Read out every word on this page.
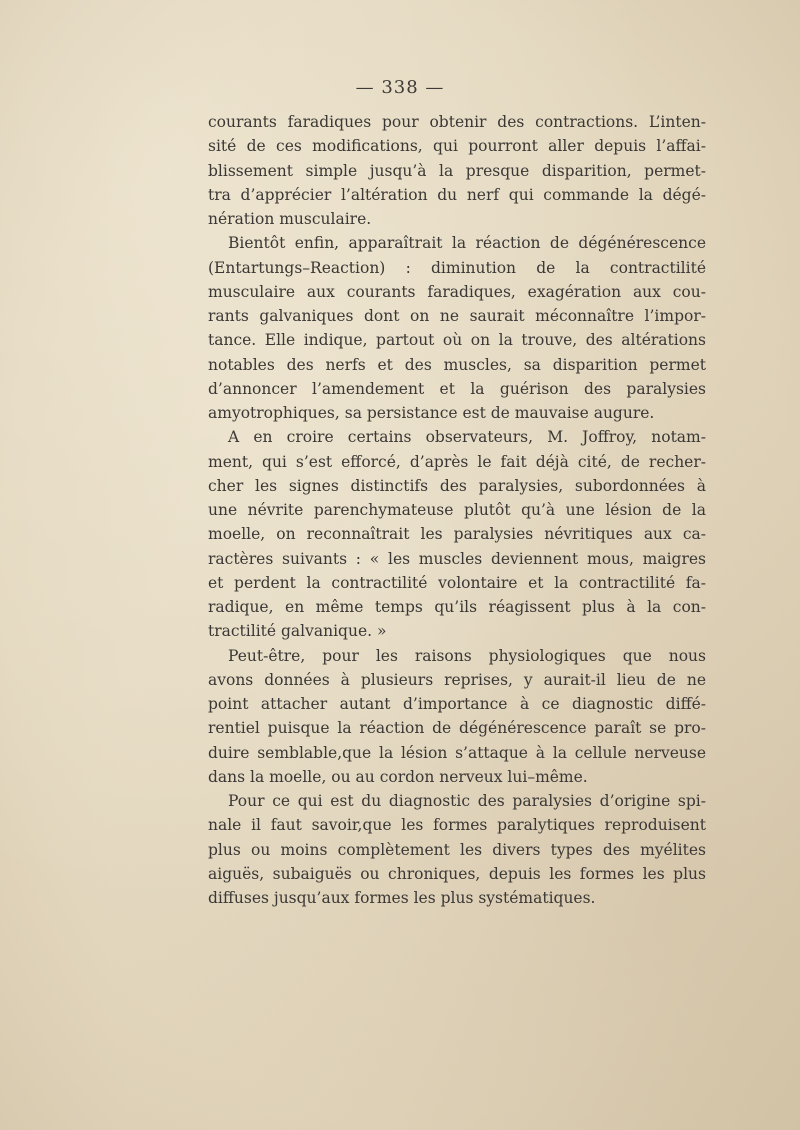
— 338 —
courants faradiques pour obtenir des contractions. L’inten-
sité de ces modifications, qui pourront aller depuis l’affai-
blissement simple jusqu’à la presque disparition, permet-
tra d’apprécier l’altération du nerf qui commande la dégé-
nération musculaire.
Bientôt enfin, apparaîtrait la réaction de dégénérescence
(Entartungs–Reaction) : diminution de la contractilité
musculaire aux courants faradiques, exagération aux cou-
rants galvaniques dont on ne saurait méconnaître l’impor-
tance. Elle indique, partout où on la trouve, des altérations
notables des nerfs et des muscles, sa disparition permet
d’annoncer l’amendement et la guérison des paralysies
amyotrophiques, sa persistance est de mauvaise augure.
A en croire certains observateurs, M. Joffroy, notam-
ment, qui s’est efforcé, d’après le fait déjà cité, de recher-
cher les signes distinctifs des paralysies, subordonnées à
une névrite parenchymateuse plutôt qu’à une lésion de la
moelle, on reconnaîtrait les paralysies névritiques aux ca-
ractères suivants : « les muscles deviennent mous, maigres
et perdent la contractilité volontaire et la contractilité fa-
radique, en même temps qu’ils réagissent plus à la con-
tractilité galvanique. »
Peut-être, pour les raisons physiologiques que nous
avons données à plusieurs reprises, y aurait-il lieu de ne
point attacher autant d’importance à ce diagnostic diffé-
rentiel puisque la réaction de dégénérescence paraît se pro-
duire semblable,que la lésion s’attaque à la cellule nerveuse
dans la moelle, ou au cordon nerveux lui–même.
Pour ce qui est du diagnostic des paralysies d’origine spi-
nale il faut savoir,que les formes paralytiques reproduisent
plus ou moins complètement les divers types des myélites
aiguës, subaiguës ou chroniques, depuis les formes les plus
diffuses jusqu’aux formes les plus systématiques.
